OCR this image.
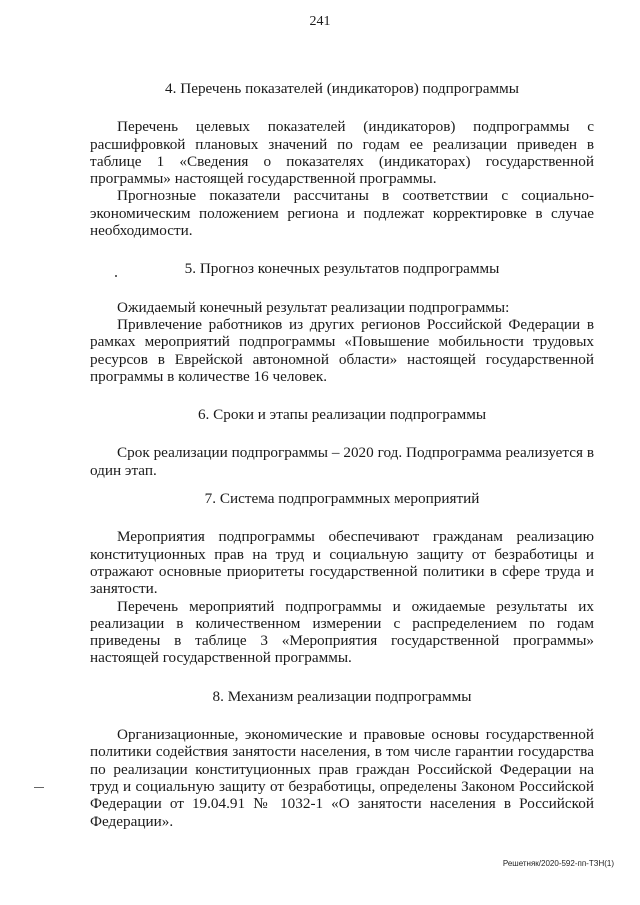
241
4. Перечень показателей (индикаторов) подпрограммы

Перечень целевых показателей (индикаторов) подпрограммы с расшифровкой плановых значений по годам ее реализации приведен в таблице 1 «Сведения о показателях (индикаторах) государственной программы» настоящей государственной программы.

Прогнозные показатели рассчитаны в соответствии с социально-экономическим положением региона и подлежат корректировке в случае необходимости.

5. Прогноз конечных результатов подпрограммы

Ожидаемый конечный результат реализации подпрограммы:

Привлечение работников из других регионов Российской Федерации в рамках мероприятий подпрограммы «Повышение мобильности трудовых ресурсов в Еврейской автономной области» настоящей государственной программы в количестве 16 человек.

6. Сроки и этапы реализации подпрограммы

Срок реализации подпрограммы – 2020 год. Подпрограмма реализуется в один этап.

7. Система подпрограммных мероприятий

Мероприятия подпрограммы обеспечивают гражданам реализацию конституционных прав на труд и социальную защиту от безработицы и отражают основные приоритеты государственной политики в сфере труда и занятости.

Перечень мероприятий подпрограммы и ожидаемые результаты их реализации в количественном измерении с распределением по годам приведены в таблице 3 «Мероприятия государственной программы» настоящей государственной программы.

8. Механизм реализации подпрограммы

Организационные, экономические и правовые основы государственной политики содействия занятости населения, в том числе гарантии государства по реализации конституционных прав граждан Российской Федерации на труд и социальную защиту от безработицы, определены Законом Российской Федерации от 19.04.91 № 1032-1 «О занятости населения в Российской Федерации».

Решетняк/2020-592-пп-ТЗН(1)
